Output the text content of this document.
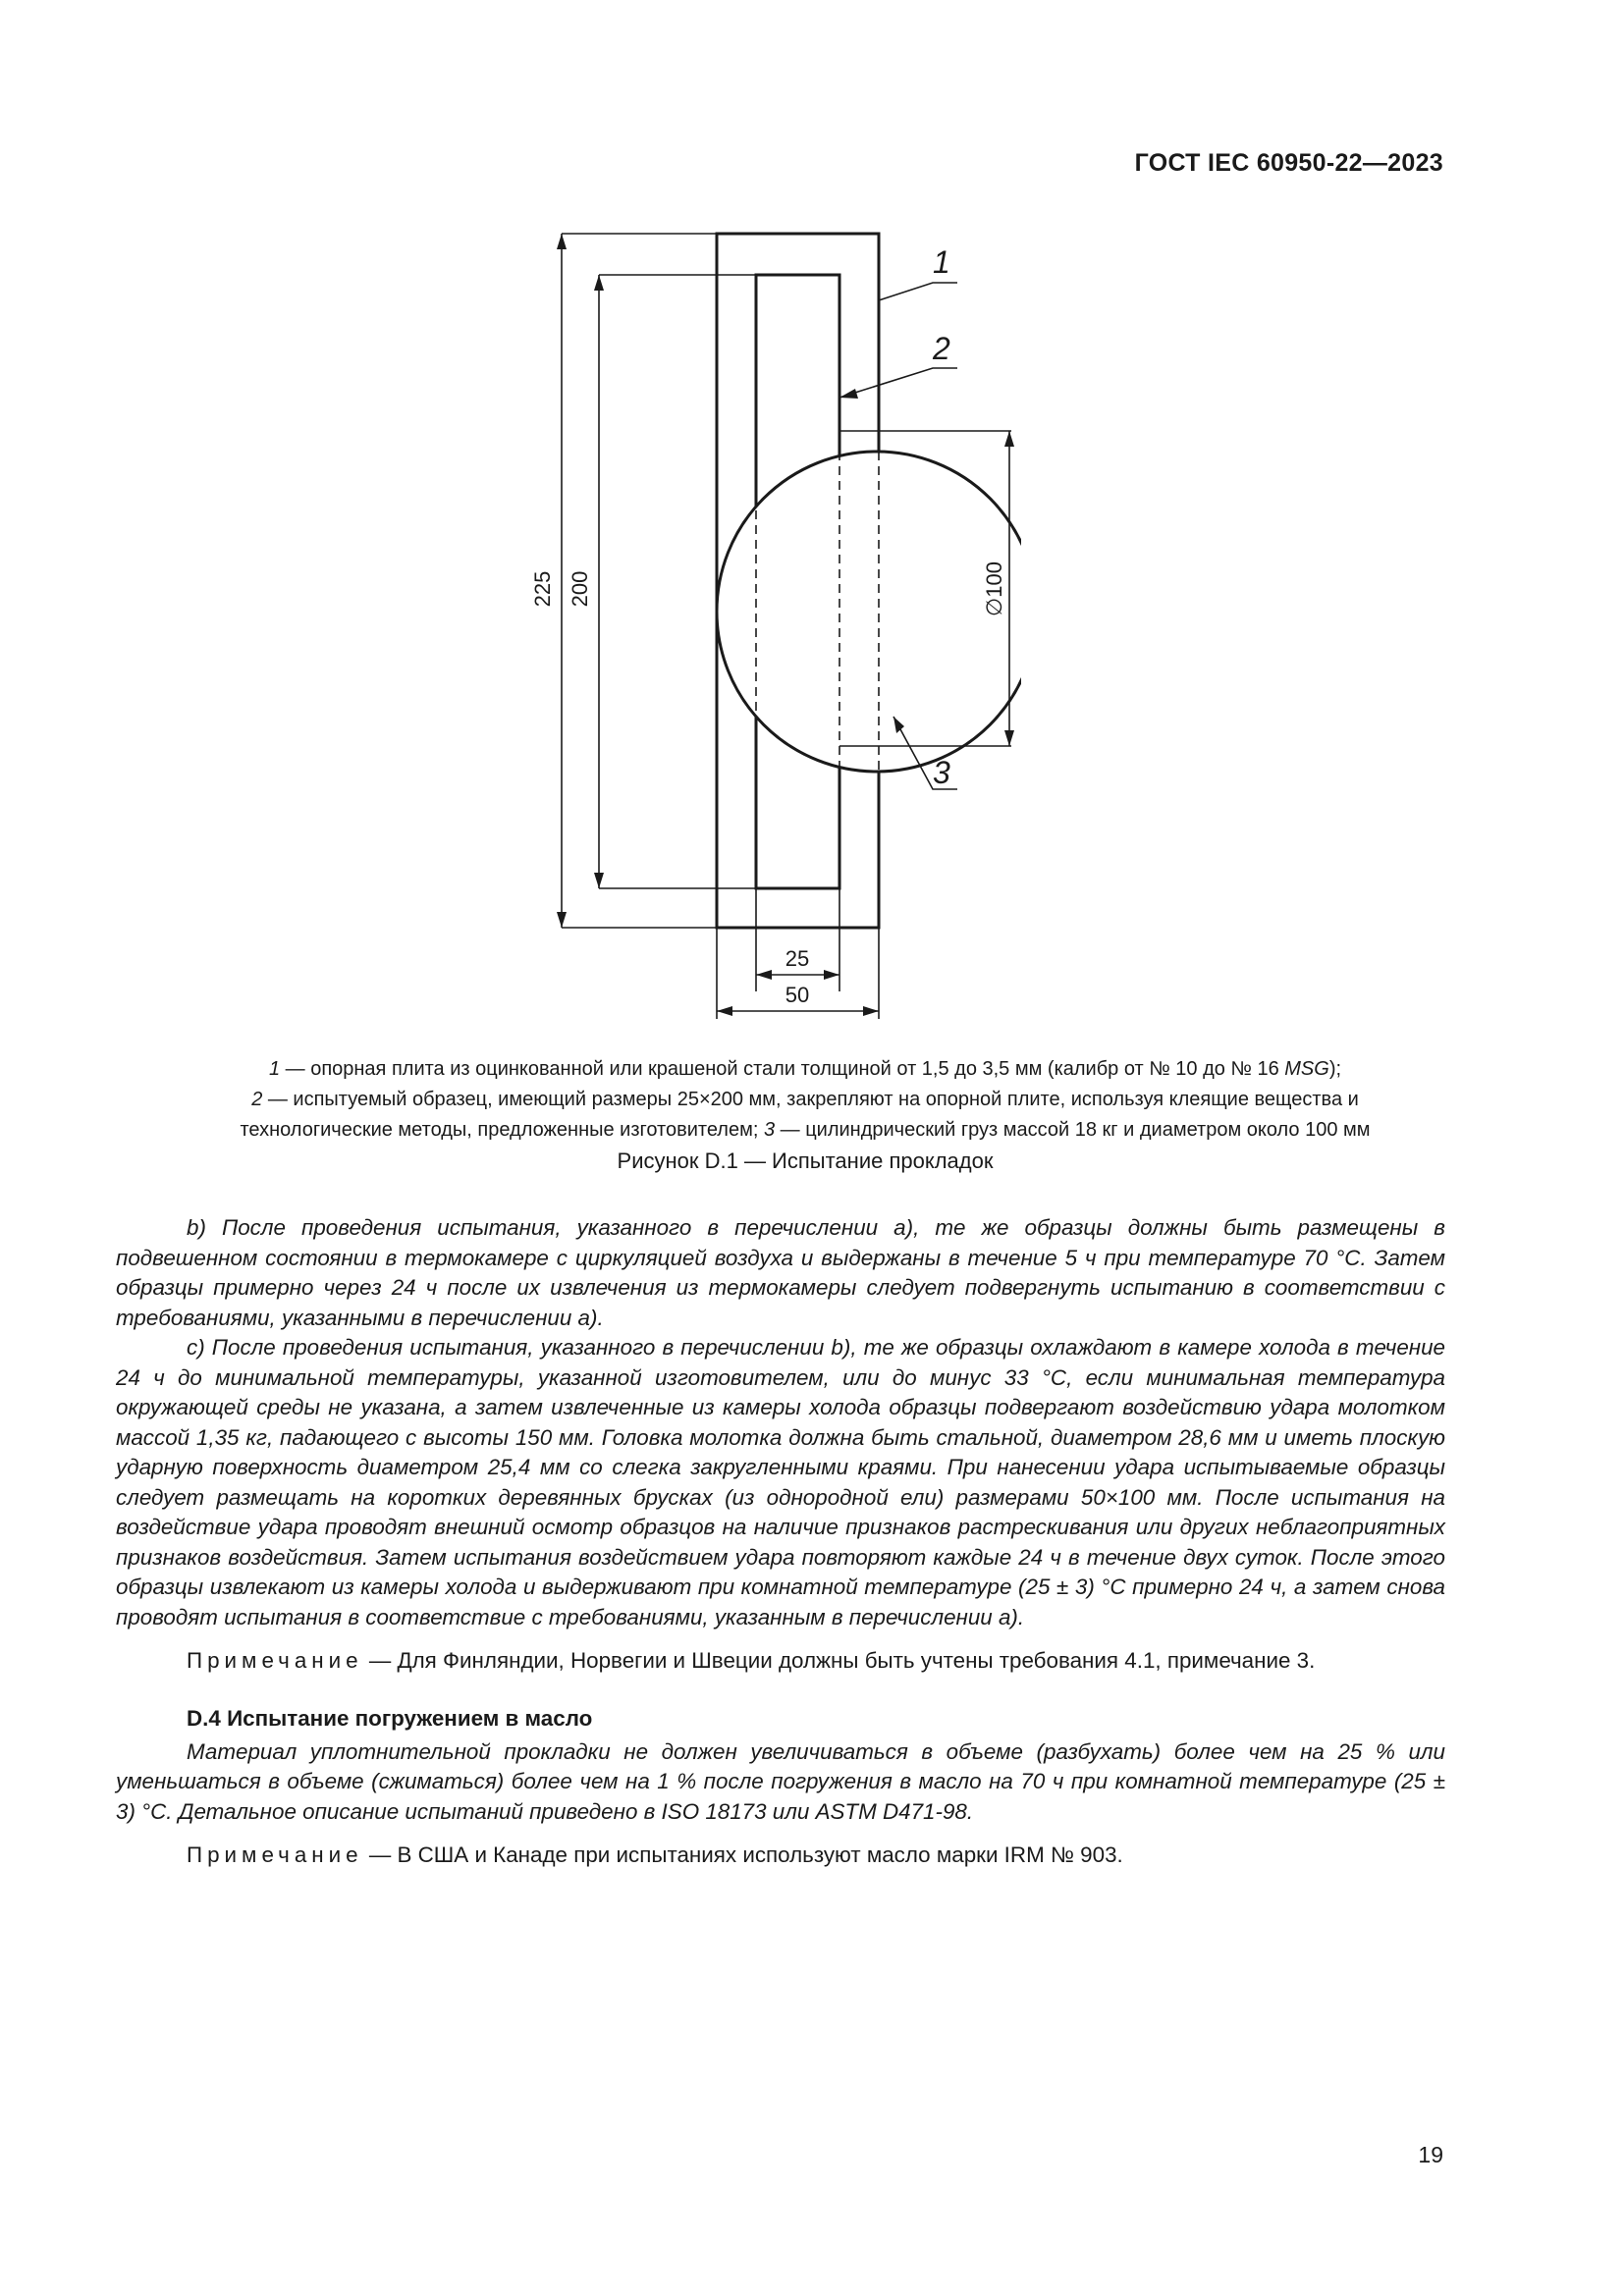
ГОСТ IEC 60950-22—2023
1
2
3
225 200	∅100
25
50
1 — опорная плита из оцинкованной или крашеной стали толщиной от 1,5 до 3,5 мм (калибр от № 10 до № 16 MSG);
2 — испытуемый образец, имеющий размеры 25×200 мм, закрепляют на опорной плите, используя клеящие вещества и
технологические методы, предложенные изготовителем; 3 — цилиндрический груз массой 18 кг и диаметром около 100 мм
Рисунок D.1 — Испытание прокладок

b) После проведения испытания, указанного в перечислении а), те же образцы должны быть размещены в подвешенном состоянии в термокамере с циркуляцией воздуха и выдержаны в течение 5 ч при температуре 70 °С. Затем образцы примерно через 24 ч после их извлечения из термокамеры следует подвергнуть испытанию в соответствии с требованиями, указанными в перечислении а).

c) После проведения испытания, указанного в перечислении b), те же образцы охлаждают в камере холода в течение 24 ч до минимальной температуры, указанной изготовителем, или до минус 33 °С, если минимальная температура окружающей среды не указана, а затем извлеченные из камеры холода образцы подвергают воздействию удара молотком массой 1,35 кг, падающего с высоты 150 мм. Головка молотка должна быть стальной, диаметром 28,6 мм и иметь плоскую ударную поверхность диаметром 25,4 мм со слегка закругленными краями. При нанесении удара испытываемые образцы следует размещать на коротких деревянных брусках (из однородной ели) размерами 50×100 мм. После испытания на воздействие удара проводят внешний осмотр образцов на наличие признаков растрескивания или других неблагоприятных признаков воздействия. Затем испытания воздействием удара повторяют каждые 24 ч в течение двух суток. После этого образцы извлекают из камеры холода и выдерживают при комнатной температуре (25 ± 3) °С примерно 24 ч, а затем снова проводят испытания в соответствие с требованиями, указанным в перечислении а).

Примечание — Для Финляндии, Норвегии и Швеции должны быть учтены требования 4.1, примечание 3.

D.4 Испытание погружением в масло

Материал уплотнительной прокладки не должен увеличиваться в объеме (разбухать) более чем на 25 % или уменьшаться в объеме (сжиматься) более чем на 1 % после погружения в масло на 70 ч при комнатной температуре (25 ± 3) °С. Детальное описание испытаний приведено в ISO 18173 или ASTM D471-98.

Примечание — В США и Канаде при испытаниях используют масло марки IRM № 903.

19
